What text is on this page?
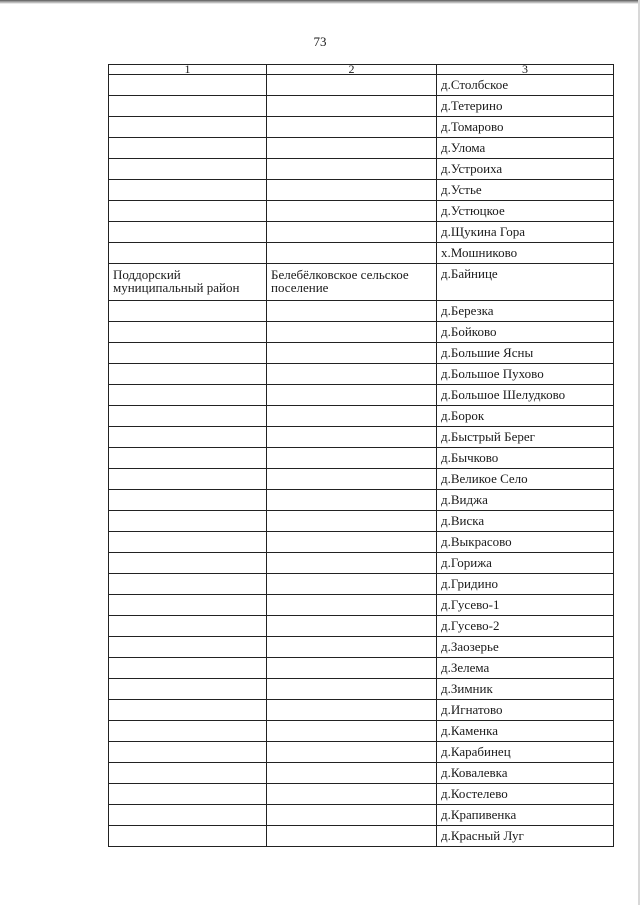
73
1	2	3
		д.Столбское
		д.Тетерино
		д.Томарово
		д.Улома
		д.Устроиха
		д.Устье
		д.Устюцкое
		д.Щукина Гора
		х.Мошниково
Поддорский муниципальный район	Белебёлковское сельское поселение	д.Байнице
		д.Березка
		д.Бойково
		д.Большие Ясны
		д.Большое Пухово
		д.Большое Шелудково
		д.Борок
		д.Быстрый Берег
		д.Бычково
		д.Великое Село
		д.Виджа
		д.Виска
		д.Выкрасово
		д.Горижа
		д.Гридино
		д.Гусево-1
		д.Гусево-2
		д.Заозерье
		д.Зелема
		д.Зимник
		д.Игнатово
		д.Каменка
		д.Карабинец
		д.Ковалевка
		д.Костелево
		д.Крапивенка
		д.Красный Луг
